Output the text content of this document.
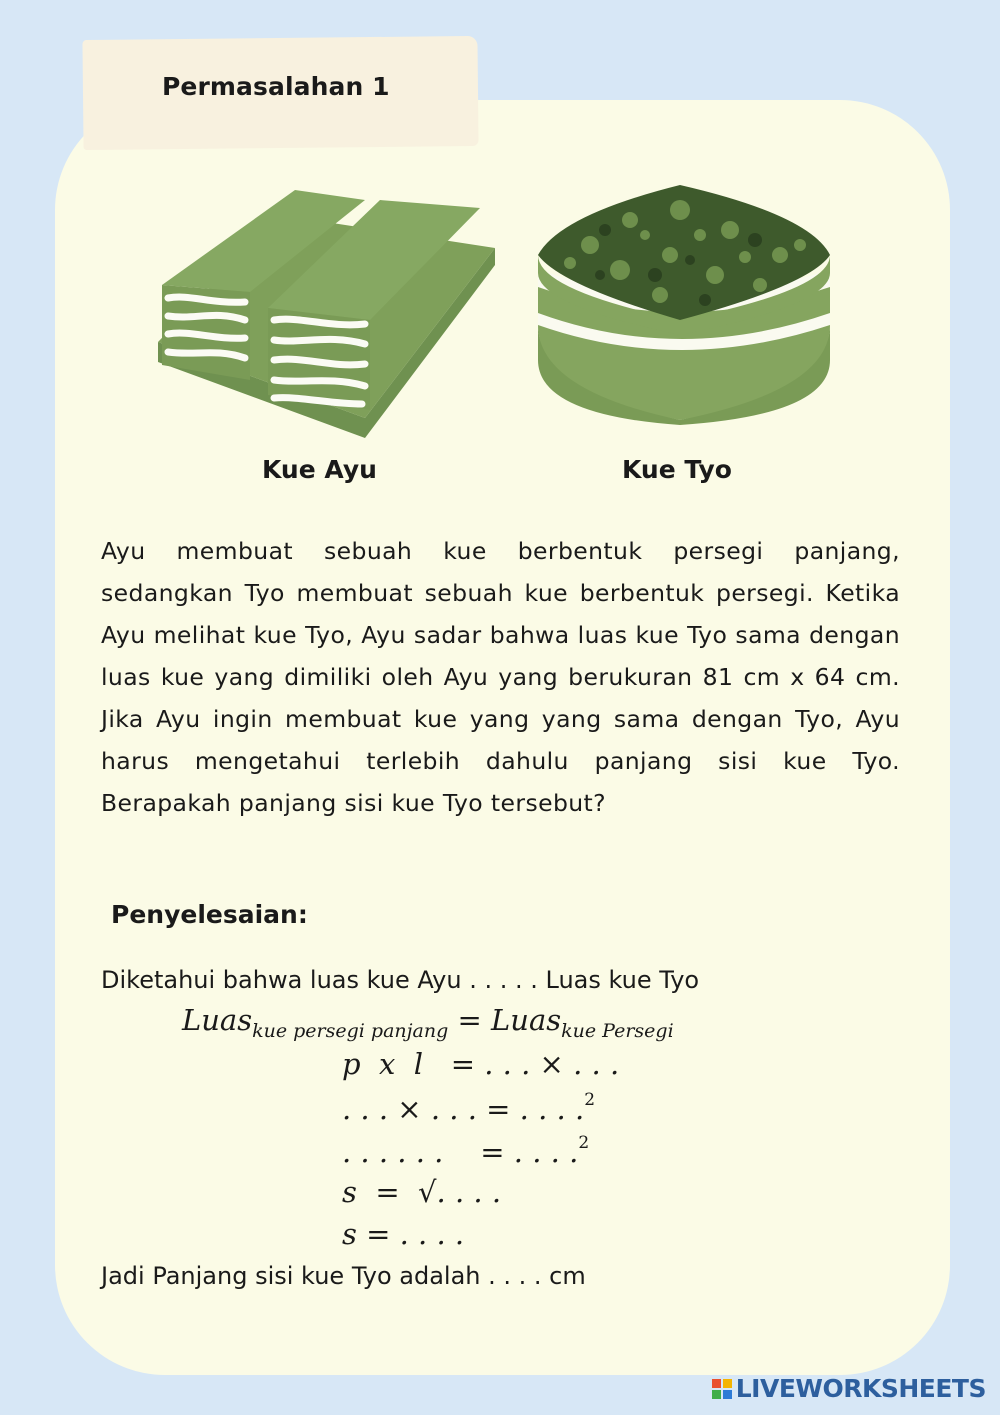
Permasalahan 1
Kue Ayu	Kue Tyo
Ayu membuat sebuah kue berbentuk persegi panjang, sedangkan Tyo membuat sebuah kue berbentuk persegi. Ketika Ayu melihat kue Tyo, Ayu sadar bahwa luas kue Tyo sama dengan luas kue yang dimiliki oleh Ayu yang berukuran 81 cm x 64 cm. Jika Ayu ingin membuat kue yang yang sama dengan Tyo, Ayu harus mengetahui terlebih dahulu panjang sisi kue Tyo. Berapakah panjang sisi kue Tyo tersebut?
Penyelesaian:
Diketahui bahwa luas kue Ayu . . . . . Luas kue Tyo
Luas$_{kue persegi panjang}$ = Luas$_{kue Persegi}$
p  x  l   = . . . × . . .
. . . × . . . = . . . .$^2$
. . . . . .    = . . . .$^2$
s  =  √. . . .
s = . . . .
Jadi Panjang sisi kue Tyo adalah . . . . cm
LIVEWORKSHEETS
